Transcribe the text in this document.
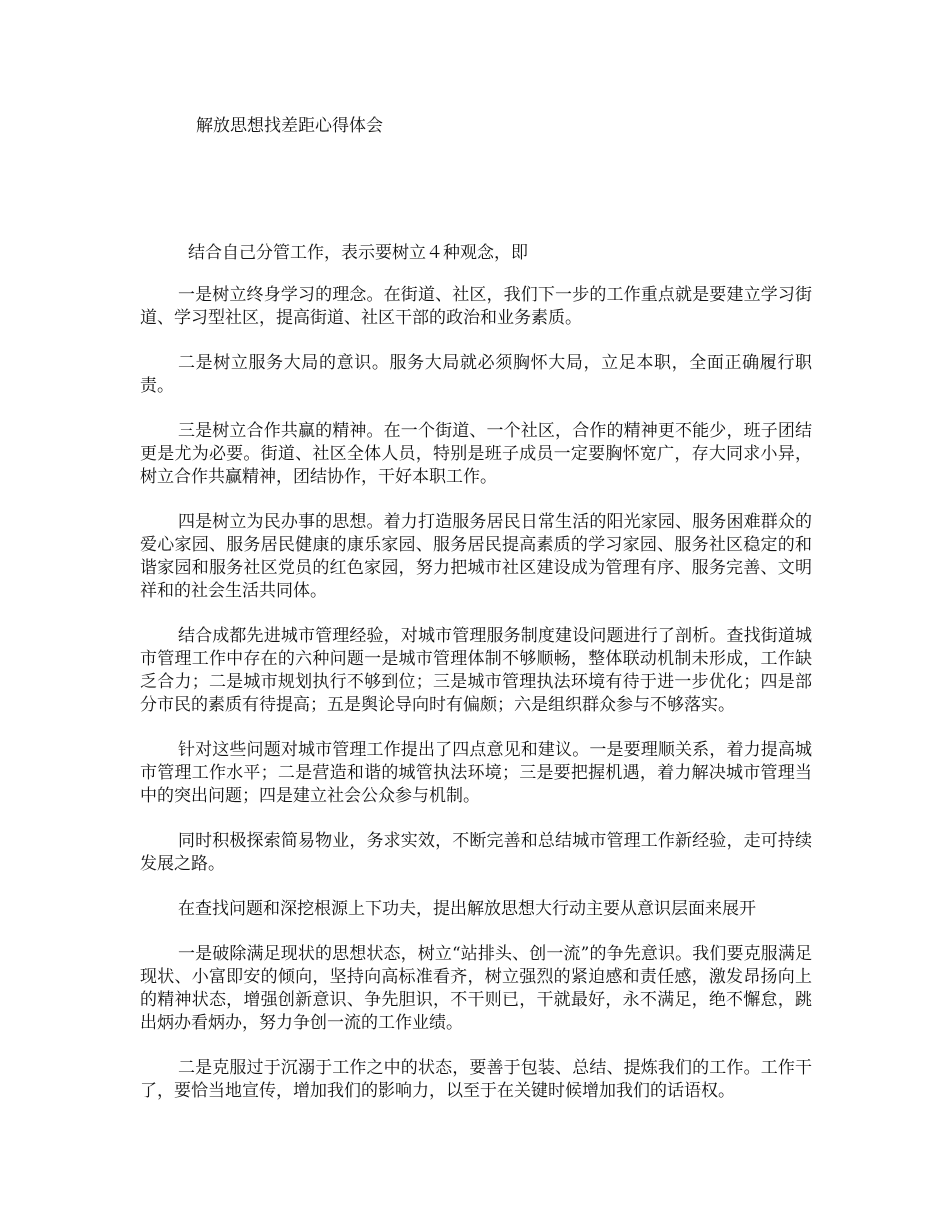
解放思想找差距心得体会
结合自己分管工作，表示要树立４种观念，即

一是树立终身学习的理念。在街道、社区，我们下一步的工作重点就是要建立学习街道、学习型社区，提高街道、社区干部的政治和业务素质。

二是树立服务大局的意识。服务大局就必须胸怀大局，立足本职，全面正确履行职责。

三是树立合作共赢的精神。在一个街道、一个社区，合作的精神更不能少，班子团结更是尤为必要。街道、社区全体人员，特别是班子成员一定要胸怀宽广，存大同求小异，树立合作共赢精神，团结协作，干好本职工作。

四是树立为民办事的思想。着力打造服务居民日常生活的阳光家园、服务困难群众的爱心家园、服务居民健康的康乐家园、服务居民提高素质的学习家园、服务社区稳定的和谐家园和服务社区党员的红色家园，努力把城市社区建设成为管理有序、服务完善、文明祥和的社会生活共同体。

结合成都先进城市管理经验，对城市管理服务制度建设问题进行了剖析。查找街道城市管理工作中存在的六种问题一是城市管理体制不够顺畅，整体联动机制未形成，工作缺乏合力；二是城市规划执行不够到位；三是城市管理执法环境有待于进一步优化；四是部分市民的素质有待提高；五是舆论导向时有偏颇；六是组织群众参与不够落实。

针对这些问题对城市管理工作提出了四点意见和建议。一是要理顺关系，着力提高城市管理工作水平；二是营造和谐的城管执法环境；三是要把握机遇，着力解决城市管理当中的突出问题；四是建立社会公众参与机制。

同时积极探索简易物业，务求实效，不断完善和总结城市管理工作新经验，走可持续发展之路。

在查找问题和深挖根源上下功夫，提出解放思想大行动主要从意识层面来展开

一是破除满足现状的思想状态，树立“站排头、创一流”的争先意识。我们要克服满足现状、小富即安的倾向，坚持向高标准看齐，树立强烈的紧迫感和责任感，激发昂扬向上的精神状态，增强创新意识、争先胆识，不干则已，干就最好，永不满足，绝不懈怠，跳出炳办看炳办，努力争创一流的工作业绩。

二是克服过于沉溺于工作之中的状态，要善于包装、总结、提炼我们的工作。工作干了，要恰当地宣传，增加我们的影响力，以至于在关键时候增加我们的话语权。
